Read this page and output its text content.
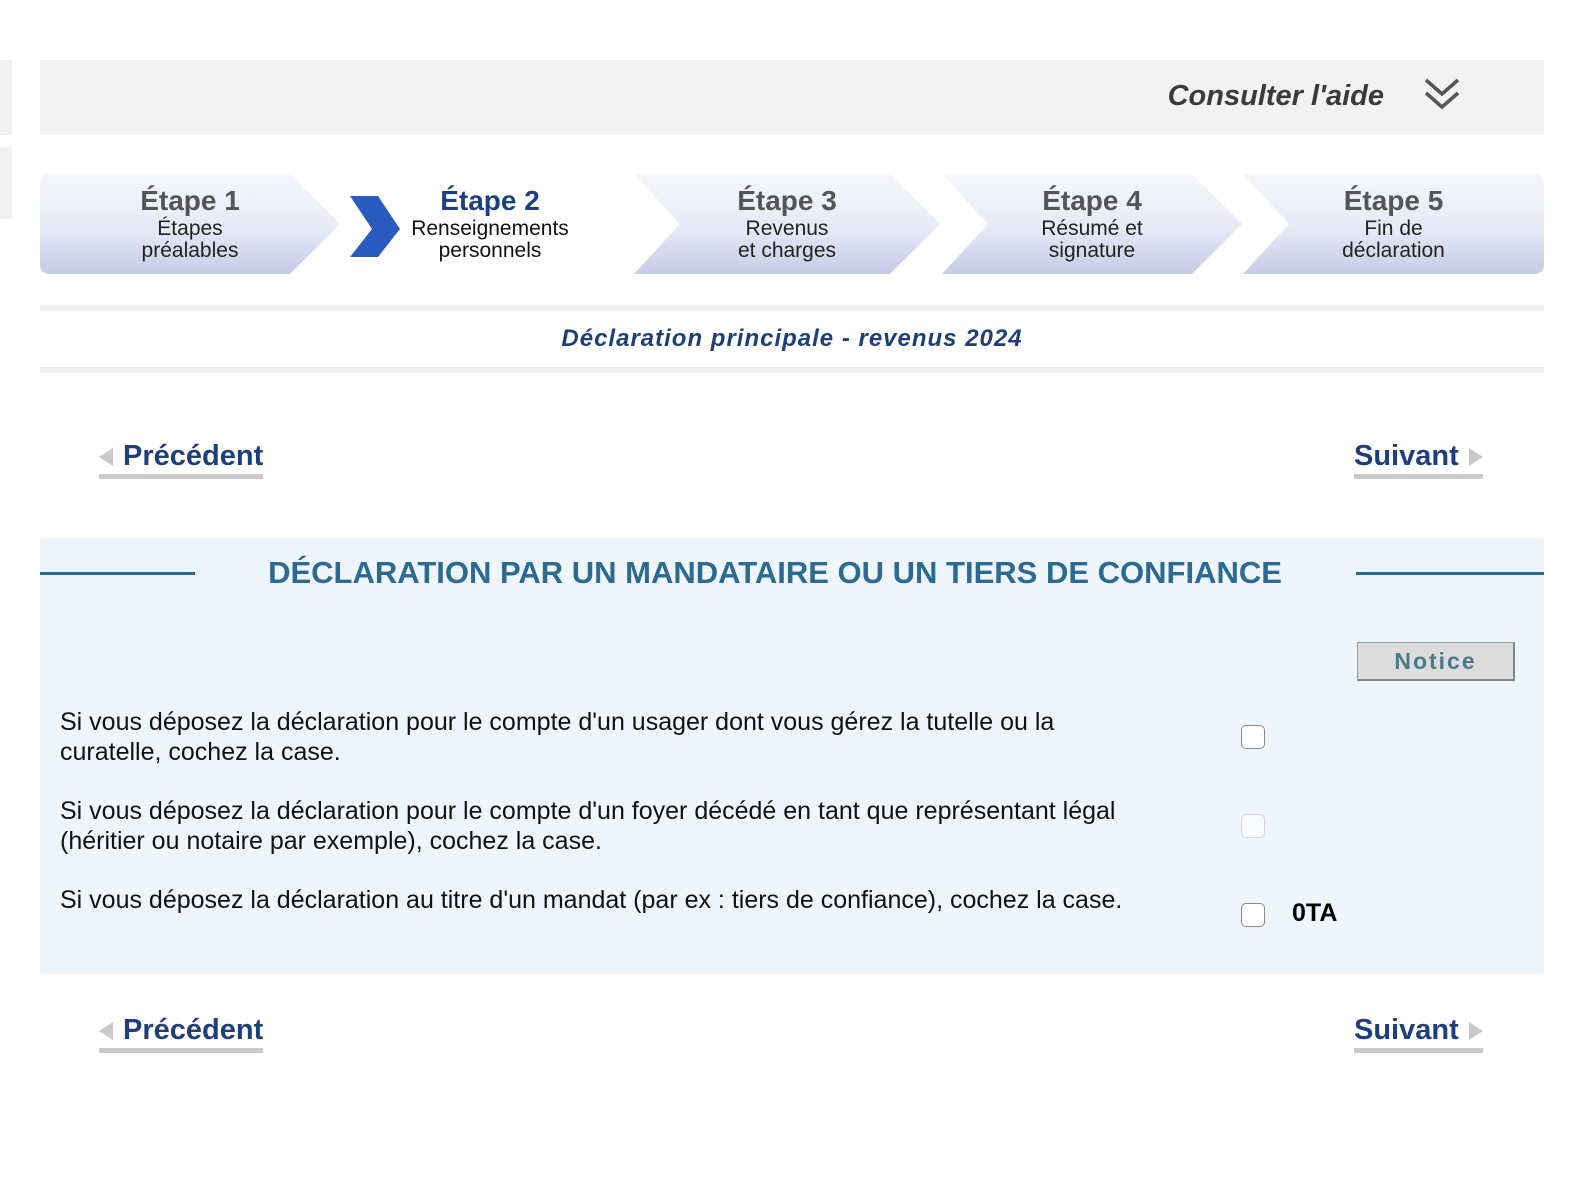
Consulter l'aide
Étape 1
Étapes
préalables
Étape 2
Renseignements
personnels
Étape 3
Revenus
et charges
Étape 4
Résumé et
signature
Étape 5
Fin de
déclaration
Déclaration principale - revenus 2024
Précédent	Suivant
DÉCLARATION PAR UN MANDATAIRE OU UN TIERS DE CONFIANCE
Notice
Si vous déposez la déclaration pour le compte d'un usager dont vous gérez la tutelle ou la curatelle, cochez la case.
Si vous déposez la déclaration pour le compte d'un foyer décédé en tant que représentant légal (héritier ou notaire par exemple), cochez la case.
Si vous déposez la déclaration au titre d'un mandat (par ex : tiers de confiance), cochez la case.	0TA
Précédent	Suivant
